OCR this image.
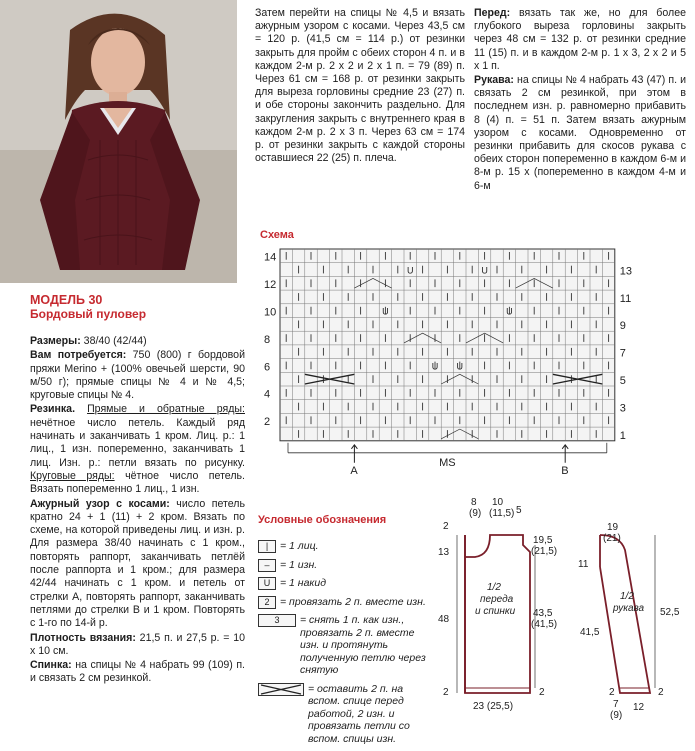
МОДЕЛЬ 30
Бордовый пуловер

Размеры: 38/40 (42/44)

Вам потребуется: 750 (800) г бордовой пряжи Merino + (100% овечьей шерсти, 90 м/50 г); прямые спицы № 4 и № 4,5; круговые спицы № 4.

Резинка. Прямые и обратные ряды: нечётное число петель. Каждый ряд начинать и заканчивать 1 кром. Лиц. р.: 1 лиц., 1 изн. попеременно, заканчивать 1 лиц. Изн. р.: петли вязать по рисунку. Круговые ряды: чётное число петель. Вязать попеременно 1 лиц., 1 изн.

Ажурный узор с косами: число петель кратно 24 + 1 (11) + 2 кром. Вязать по схеме, на которой приведены лиц. и изн. р. Для размера 38/40 начинать с 1 кром., повторять раппорт, заканчивать петлёй после раппорта и 1 кром.; для размера 42/44 начинать с 1 кром. и петель от стрелки A, повторять раппорт, заканчивать петлями до стрелки B и 1 кром. Повторять с 1-го по 14-й р.

Плотность вязания: 21,5 п. и 27,5 р. = 10 x 10 см.

Спинка: на спицы № 4 набрать 99 (109) п. и связать 2 см резинкой.

Затем перейти на спицы № 4,5 и вязать ажурным узором с косами. Через 43,5 см = 120 р. (41,5 см = 114 р.) от резинки закрыть для пройм с обеих сторон 4 п. и в каждом 2-м р. 2 x 2 и 2 x 1 п. = 79 (89) п. Через 61 см = 168 р. от резинки закрыть для выреза горловины средние 23 (27) п. и обе стороны закончить раздельно. Для закругления закрыть с внутреннего края в каждом 2-м р. 2 x 3 п. Через 63 см = 174 р. от резинки закрыть с каждой стороны оставшиеся 22 (25) п. плеча.

Перед: вязать так же, но для более глубокого выреза горловины закрыть через 48 см = 132 р. от резинки средние 11 (15) п. и в каждом 2-м р. 1 x 3, 2 x 2 и 5 x 1 п.

Рукава: на спицы № 4 набрать 43 (47) п. и связать 2 см резинкой, при этом в последнем изн. р. равномерно прибавить 8 (4) п. = 51 п. Затем вязать ажурным узором с косами. Одновременно от резинки прибавить для скосов рукава с обеих сторон попеременно в каждом 6-м и 8-м р. 15 x (попеременно в каждом 4-м и 6-м

Схема
U	U
U	U
U U
14
12
10
8
6
4
2
13
11
9
7
5
3
1
A	B
MS
Условные обозначения
|	= 1 лиц.
–	= 1 изн.
U = 1 накид
2	= провязать 2 п. вместе изн.
3	= снять 1 п. как изн., провязать 2 п. вместе изн. и протянуть полученную петлю через снятую
= оставить 2 п. на вспом. спице перед работой, 2 изн. и провязать петли со вспом. спицы изн.
2
8
(9)
10
(11,5) 5
13
19,5
(21,5)
48
43,5
(41,5)
1/2
переда
и спинки
2	2
23 (25,5)
19
(21)
11
1/2
рукава 52,5
41,5
2	2
7
(9)
12
